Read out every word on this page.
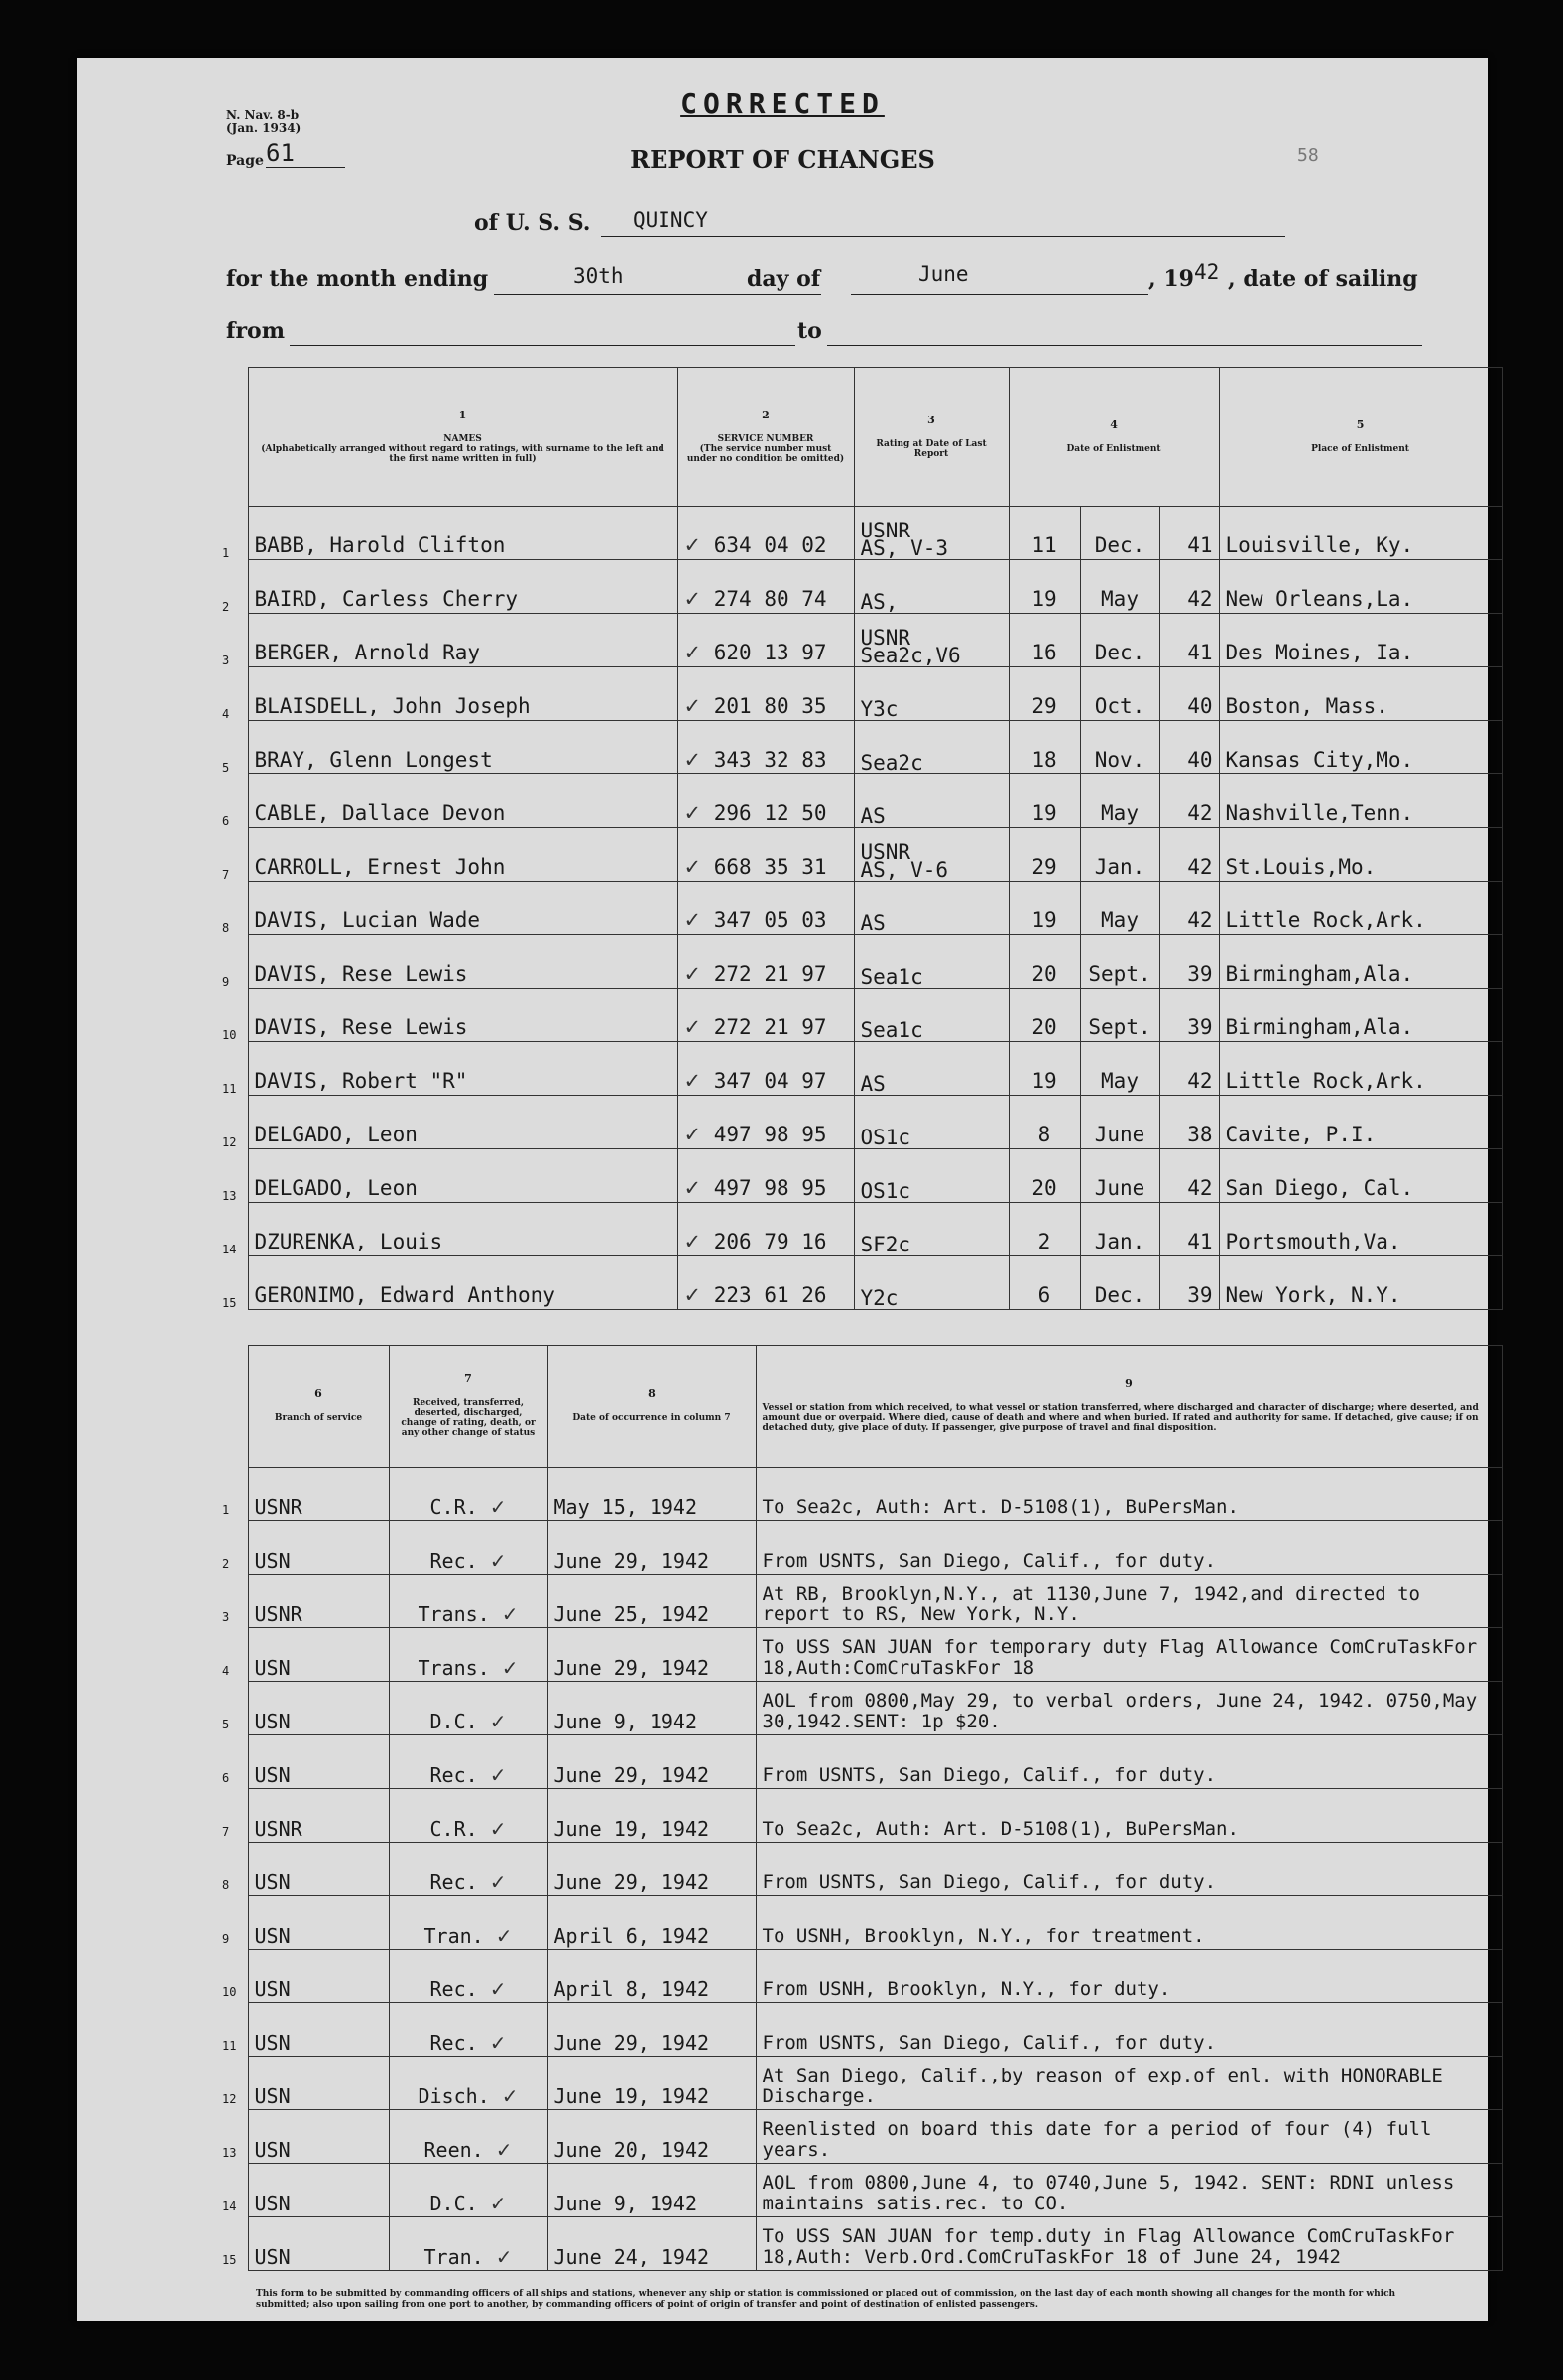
N. Nav. 8-b
(Jan. 1934)
Page 61
CORRECTED
REPORT OF CHANGES	58
of U. S. S. QUINCY
for the month ending	30th	day of	June	, 19 42 , date of sailing
from	to

	1
NAMES
(Alphabetically arranged without regard to ratings, with surname to the left and the first name written in full)	2
SERVICE NUMBER
(The service number must under no condition be omitted)	3
Rating at Date of Last Report	4
Date of Enlistment			5
Place of Enlistment
1	BABB, Harold Clifton	✓ 634 04 02	USNR
AS, V-3	11	Dec.	41	Louisville, Ky.
2	BAIRD, Carless Cherry	✓ 274 80 74	AS,	19	May	42	New Orleans,La.
3	BERGER, Arnold Ray	✓ 620 13 97	USNR
Sea2c,V6	16	Dec.	41	Des Moines, Ia.
4	BLAISDELL, John Joseph	✓ 201 80 35	Y3c	29	Oct.	40	Boston, Mass.
5	BRAY, Glenn Longest	✓ 343 32 83	Sea2c	18	Nov.	40	Kansas City,Mo.
6	CABLE, Dallace Devon	✓ 296 12 50	AS	19	May	42	Nashville,Tenn.
7	CARROLL, Ernest John	✓ 668 35 31	USNR
AS, V-6	29	Jan.	42	St.Louis,Mo.
8	DAVIS, Lucian Wade	✓ 347 05 03	AS	19	May	42	Little Rock,Ark.
9	DAVIS, Rese Lewis	✓ 272 21 97	Sea1c	20	Sept.	39	Birmingham,Ala.
10	DAVIS, Rese Lewis	✓ 272 21 97	Sea1c	20	Sept.	39	Birmingham,Ala.
11	DAVIS, Robert "R"	✓ 347 04 97	AS	19	May	42	Little Rock,Ark.
12	DELGADO, Leon	✓ 497 98 95	OS1c	8	June	38	Cavite, P.I.
13	DELGADO, Leon	✓ 497 98 95	OS1c	20	June	42	San Diego, Cal.
14	DZURENKA, Louis	✓ 206 79 16	SF2c	2	Jan.	41	Portsmouth,Va.
15	GERONIMO, Edward Anthony	✓ 223 61 26	Y2c	6	Dec.	39	New York, N.Y.

	6
Branch of service	7
Received, transferred, deserted, discharged, change of rating, death, or any other change of status	8
Date of occurrence in column 7	9
Vessel or station from which received, to what vessel or station transferred, where discharged and character of discharge; where deserted, and amount due or overpaid. Where died, cause of death and where and when buried. If rated and authority for same. If detached, give cause; if on detached duty, give place of duty. If passenger, give purpose of travel and final disposition.
1	USNR	C.R. ✓	May 15, 1942	To Sea2c, Auth: Art. D-5108(1), BuPersMan.
2	USN	Rec. ✓	June 29, 1942	From USNTS, San Diego, Calif., for duty.
3	USNR	Trans. ✓	June 25, 1942	At RB, Brooklyn,N.Y., at 1130,June 7, 1942,and directed to report to RS, New York, N.Y.
4	USN	Trans. ✓	June 29, 1942	To USS SAN JUAN for temporary duty Flag Allowance ComCruTaskFor 18,Auth:ComCruTaskFor 18
5	USN	D.C. ✓	June 9, 1942	AOL from 0800,May 29, to verbal orders, June 24, 1942. 0750,May 30,1942.SENT: 1p $20.
6	USN	Rec. ✓	June 29, 1942	From USNTS, San Diego, Calif., for duty.
7	USNR	C.R. ✓	June 19, 1942	To Sea2c, Auth: Art. D-5108(1), BuPersMan.
8	USN	Rec. ✓	June 29, 1942	From USNTS, San Diego, Calif., for duty.
9	USN	Tran. ✓	April 6, 1942	To USNH, Brooklyn, N.Y., for treatment.
10	USN	Rec. ✓	April 8, 1942	From USNH, Brooklyn, N.Y., for duty.
11	USN	Rec. ✓	June 29, 1942	From USNTS, San Diego, Calif., for duty.
12	USN	Disch. ✓	June 19, 1942	At San Diego, Calif.,by reason of exp.of enl. with HONORABLE Discharge.
13	USN	Reen. ✓	June 20, 1942	Reenlisted on board this date for a period of four (4) full years.
14	USN	D.C. ✓	June 9, 1942	AOL from 0800,June 4, to 0740,June 5, 1942. SENT: RDNI unless maintains satis.rec. to CO.
15	USN	Tran. ✓	June 24, 1942	To USS SAN JUAN for temp.duty in Flag Allowance ComCruTaskFor 18,Auth: Verb.Ord.ComCruTaskFor 18 of June 24, 1942
This form to be submitted by commanding officers of all ships and stations, whenever any ship or station is commissioned or placed out of commission, on the last day of each month showing all changes for the month for which submitted; also upon sailing from one port to another, by commanding officers of point of origin of transfer and point of destination of enlisted passengers.
